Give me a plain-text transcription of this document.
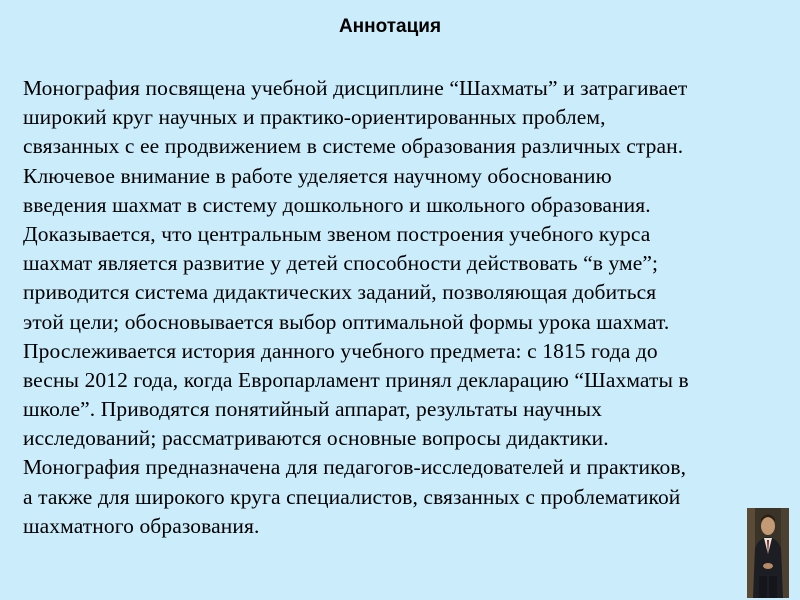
Аннотация
Монография посвящена учебной дисциплине “Шахматы” и затрагивает
широкий круг научных и практико-ориентированных проблем,
связанных с ее продвижением в системе образования различных стран.
Ключевое внимание в работе уделяется научному обоснованию
введения шахмат в систему дошкольного и школьного образования.
Доказывается, что центральным звеном построения учебного курса
шахмат является развитие у детей способности действовать “в уме”;
приводится система дидактических заданий, позволяющая добиться
этой цели; обосновывается выбор оптимальной формы урока шахмат.
Прослеживается история данного учебного предмета: с 1815 года до
весны 2012 года, когда Европарламент принял декларацию “Шахматы в
школе”. Приводятся понятийный аппарат, результаты научных
исследований; рассматриваются основные вопросы дидактики.
Монография предназначена для педагогов-исследователей и практиков,
а также для широкого круга специалистов, связанных с проблематикой
шахматного образования.
